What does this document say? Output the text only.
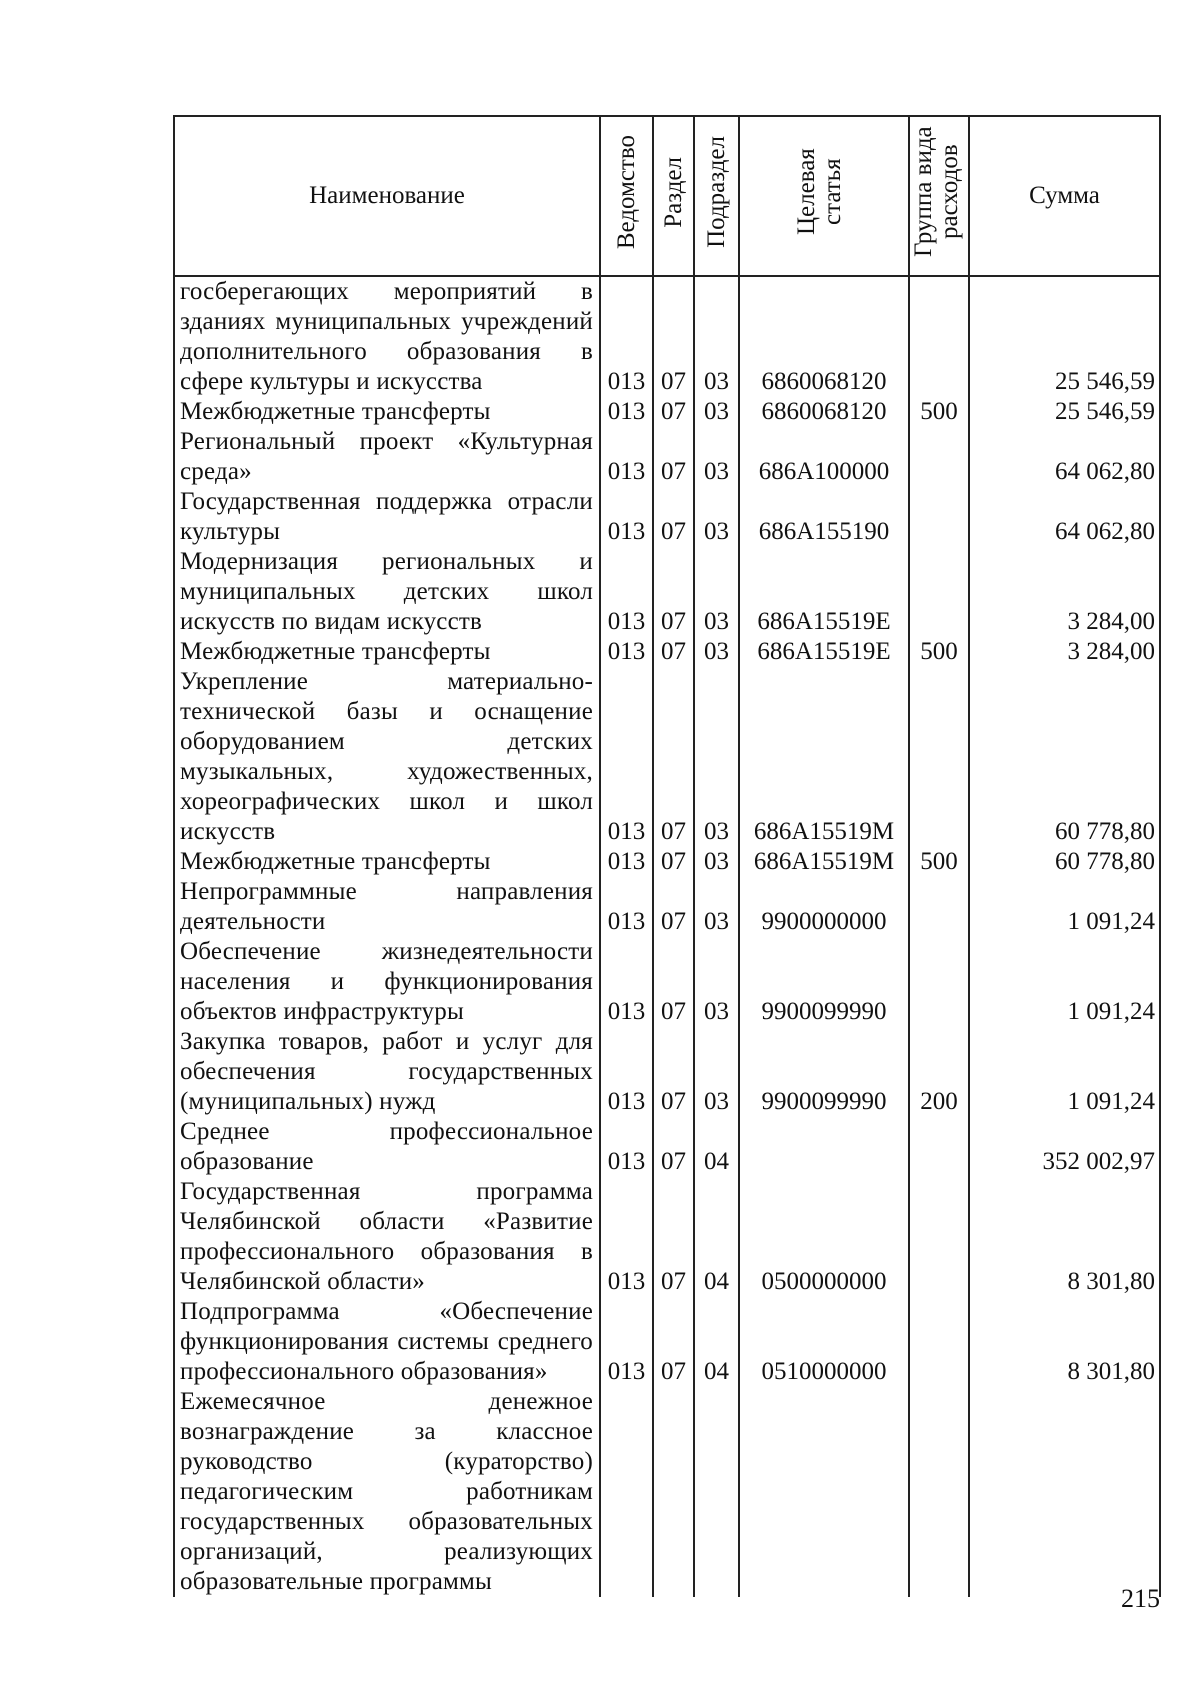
Наименование	Ведомство	Раздел	Подраздел	Целевая статья	Группа вида расходов	Сумма
госберегающих мероприятий в зданиях муниципальных учреждений дополнительного образования в сфере культуры и искусства	013	07	03	6860068120		25 546,59
Межбюджетные трансферты	013	07	03	6860068120	500	25 546,59
Региональный проект «Культурная среда»	013	07	03	686A100000		64 062,80
Государственная поддержка отрасли культуры	013	07	03	686A155190		64 062,80
Модернизация региональных и муниципальных детских школ искусств по видам искусств	013	07	03	686A15519E		3 284,00
Межбюджетные трансферты	013	07	03	686A15519E	500	3 284,00
Укрепление материально-технической базы и оснащение оборудованием детских музыкальных, художественных, хореографических школ и школ искусств	013	07	03	686A15519M		60 778,80
Межбюджетные трансферты	013	07	03	686A15519M	500	60 778,80
Непрограммные направления деятельности	013	07	03	9900000000		1 091,24
Обеспечение жизнедеятельности населения и функционирования объектов инфраструктуры	013	07	03	9900099990		1 091,24
Закупка товаров, работ и услуг для обеспечения государственных (муниципальных) нужд	013	07	03	9900099990	200	1 091,24
Среднее профессиональное образование	013	07	04			352 002,97
Государственная программа Челябинской области «Развитие профессионального образования в Челябинской области»	013	07	04	0500000000		8 301,80
Подпрограмма «Обеспечение функционирования системы среднего профессионального образования»	013	07	04	0510000000		8 301,80
Ежемесячное денежное вознаграждение за классное руководство (кураторство) педагогическим работникам государственных образовательных организаций, реализующих образовательные программы						
215
